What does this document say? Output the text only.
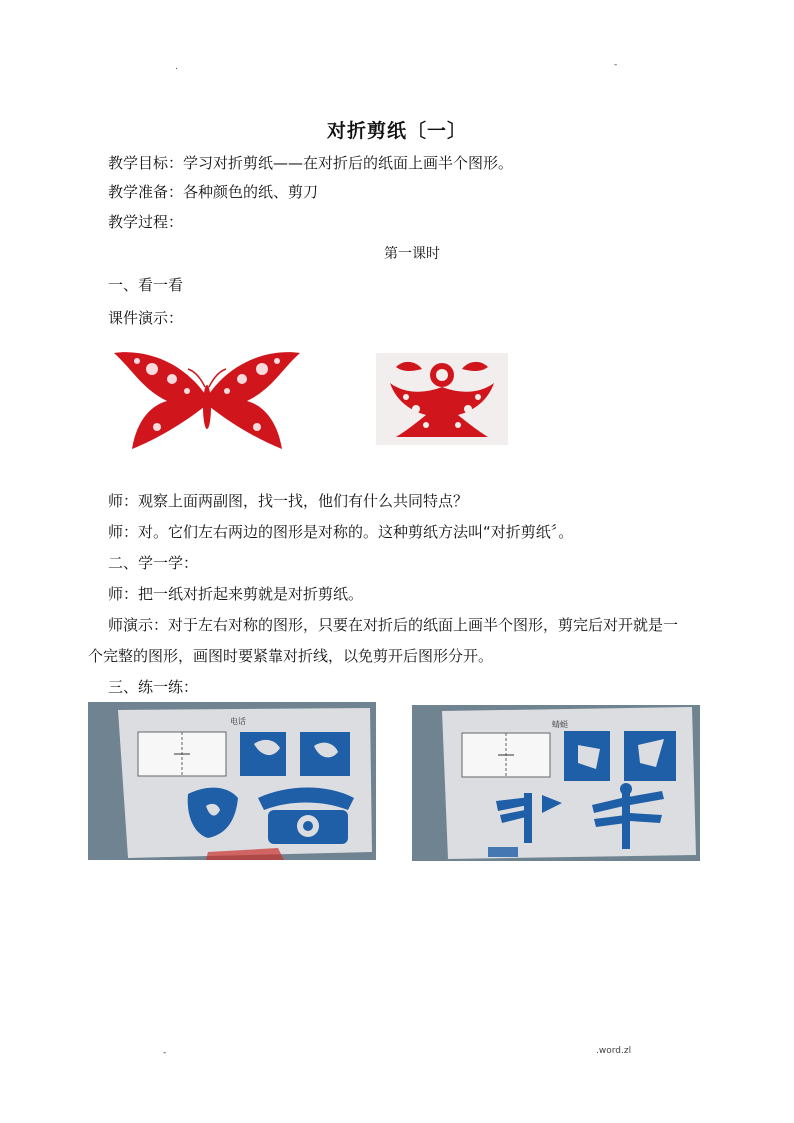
.	-
对折剪纸〔一〕
教学目标：学习对折剪纸——在对折后的纸面上画半个图形。
教学准备：各种颜色的纸、剪刀
教学过程：
第一课时
一、看一看
课件演示：
师：观察上面两副图，找一找，他们有什么共同特点？
师：对。它们左右两边的图形是对称的。这种剪纸方法叫“对折剪纸〞。
二、学一学：
师：把一纸对折起来剪就是对折剪纸。
师演示：对于左右对称的图形，只要在对折后的纸面上画半个图形，剪完后对开就是一
个完整的图形，画图时要紧靠对折线，以免剪开后图形分开。
三、练一练：
电话	蜻蜓
-	.word.zl
